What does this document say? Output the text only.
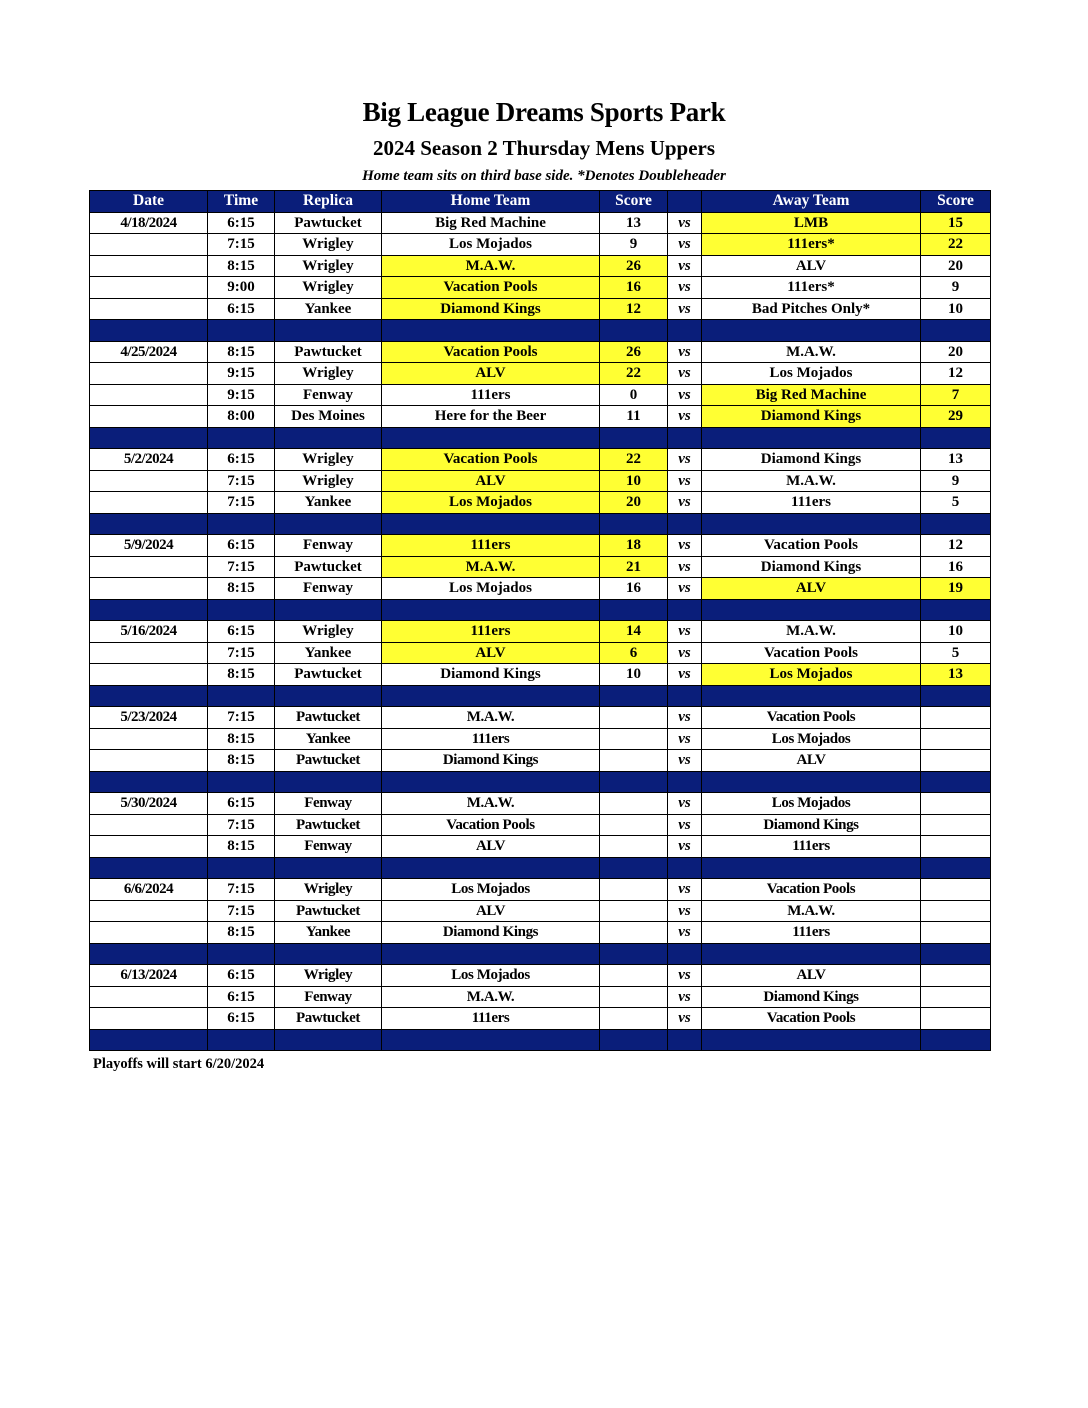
Big League Dreams Sports Park
2024 Season 2 Thursday Mens Uppers
Home team sits on third base side. *Denotes Doubleheader
Date	Time	Replica	Home Team	Score		Away Team	Score
4/18/2024	6:15	Pawtucket	Big Red Machine	13	vs	LMB	15
	7:15	Wrigley	Los Mojados	9	vs	111ers*	22
	8:15	Wrigley	M.A.W.	26	vs	ALV	20
	9:00	Wrigley	Vacation Pools	16	vs	111ers*	9
	6:15	Yankee	Diamond Kings	12	vs	Bad Pitches Only*	10

4/25/2024	8:15	Pawtucket	Vacation Pools	26	vs	M.A.W.	20
	9:15	Wrigley	ALV	22	vs	Los Mojados	12
	9:15	Fenway	111ers	0	vs	Big Red Machine	7
	8:00	Des Moines	Here for the Beer	11	vs	Diamond Kings	29

5/2/2024	6:15	Wrigley	Vacation Pools	22	vs	Diamond Kings	13
	7:15	Wrigley	ALV	10	vs	M.A.W.	9
	7:15	Yankee	Los Mojados	20	vs	111ers	5

5/9/2024	6:15	Fenway	111ers	18	vs	Vacation Pools	12
	7:15	Pawtucket	M.A.W.	21	vs	Diamond Kings	16
	8:15	Fenway	Los Mojados	16	vs	ALV	19

5/16/2024	6:15	Wrigley	111ers	14	vs	M.A.W.	10
	7:15	Yankee	ALV	6	vs	Vacation Pools	5
	8:15	Pawtucket	Diamond Kings	10	vs	Los Mojados	13

5/23/2024	7:15	Pawtucket	M.A.W.		vs	Vacation Pools	
	8:15	Yankee	111ers		vs	Los Mojados	
	8:15	Pawtucket	Diamond Kings		vs	ALV	

5/30/2024	6:15	Fenway	M.A.W.		vs	Los Mojados	
	7:15	Pawtucket	Vacation Pools		vs	Diamond Kings	
	8:15	Fenway	ALV		vs	111ers	

6/6/2024	7:15	Wrigley	Los Mojados		vs	Vacation Pools	
	7:15	Pawtucket	ALV		vs	M.A.W.	
	8:15	Yankee	Diamond Kings		vs	111ers	

6/13/2024	6:15	Wrigley	Los Mojados		vs	ALV	
	6:15	Fenway	M.A.W.		vs	Diamond Kings	
	6:15	Pawtucket	111ers		vs	Vacation Pools	

Playoffs will start 6/20/2024
